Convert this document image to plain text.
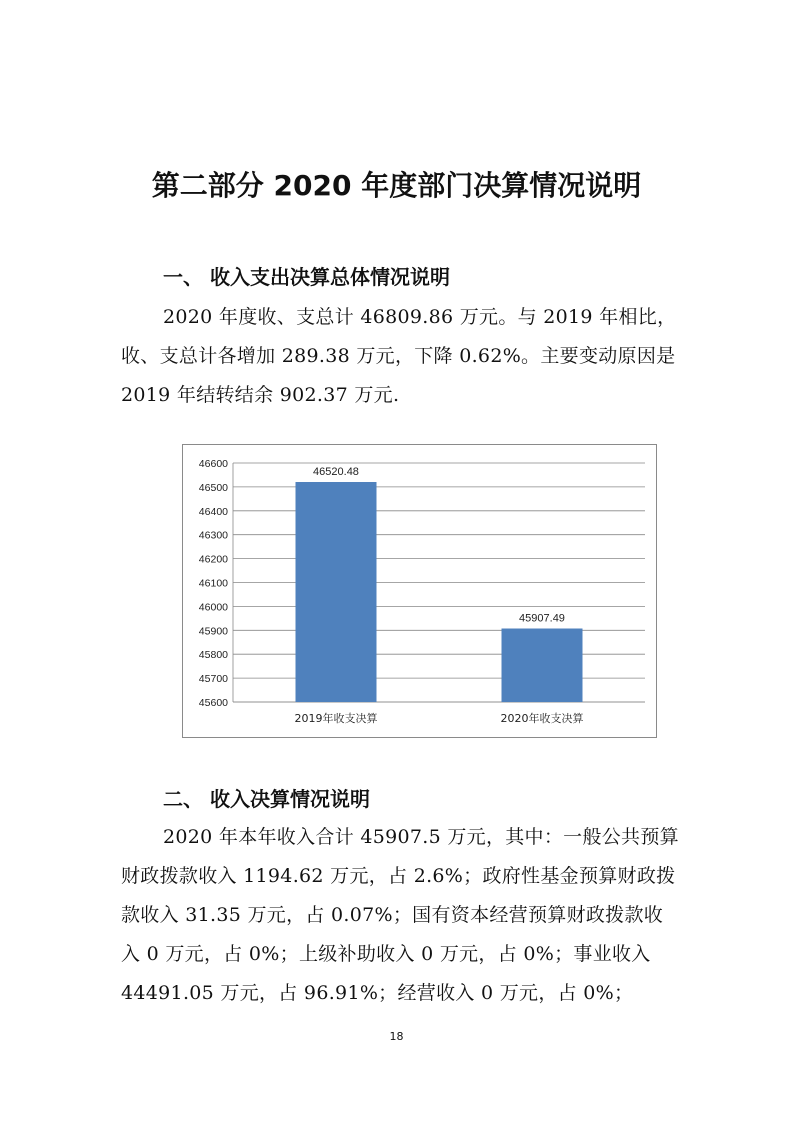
第二部分 2020 年度部门决算情况说明
一、 收入支出决算总体情况说明

2020 年度收、支总计 46809.86 万元。与 2019 年相比，收、支总计各增加 289.38 万元，下降 0.62%。主要变动原因是 2019 年结转结余 902.37 万元.

45600
45700
45800
45900
46000
46100
46200
46300
46400
46500
46600
46520.48
2019年收支决算
45907.49
2020年收支决算
二、 收入决算情况说明

2020 年本年收入合计 45907.5 万元，其中：一般公共预算财政拨款收入 1194.62 万元，占 2.6%；政府性基金预算财政拨款收入 31.35 万元，占 0.07%；国有资本经营预算财政拨款收入 0 万元，占 0%；上级补助收入 0 万元，占 0%；事业收入 44491.05 万元，占 96.91%；经营收入 0 万元，占 0%；

18
